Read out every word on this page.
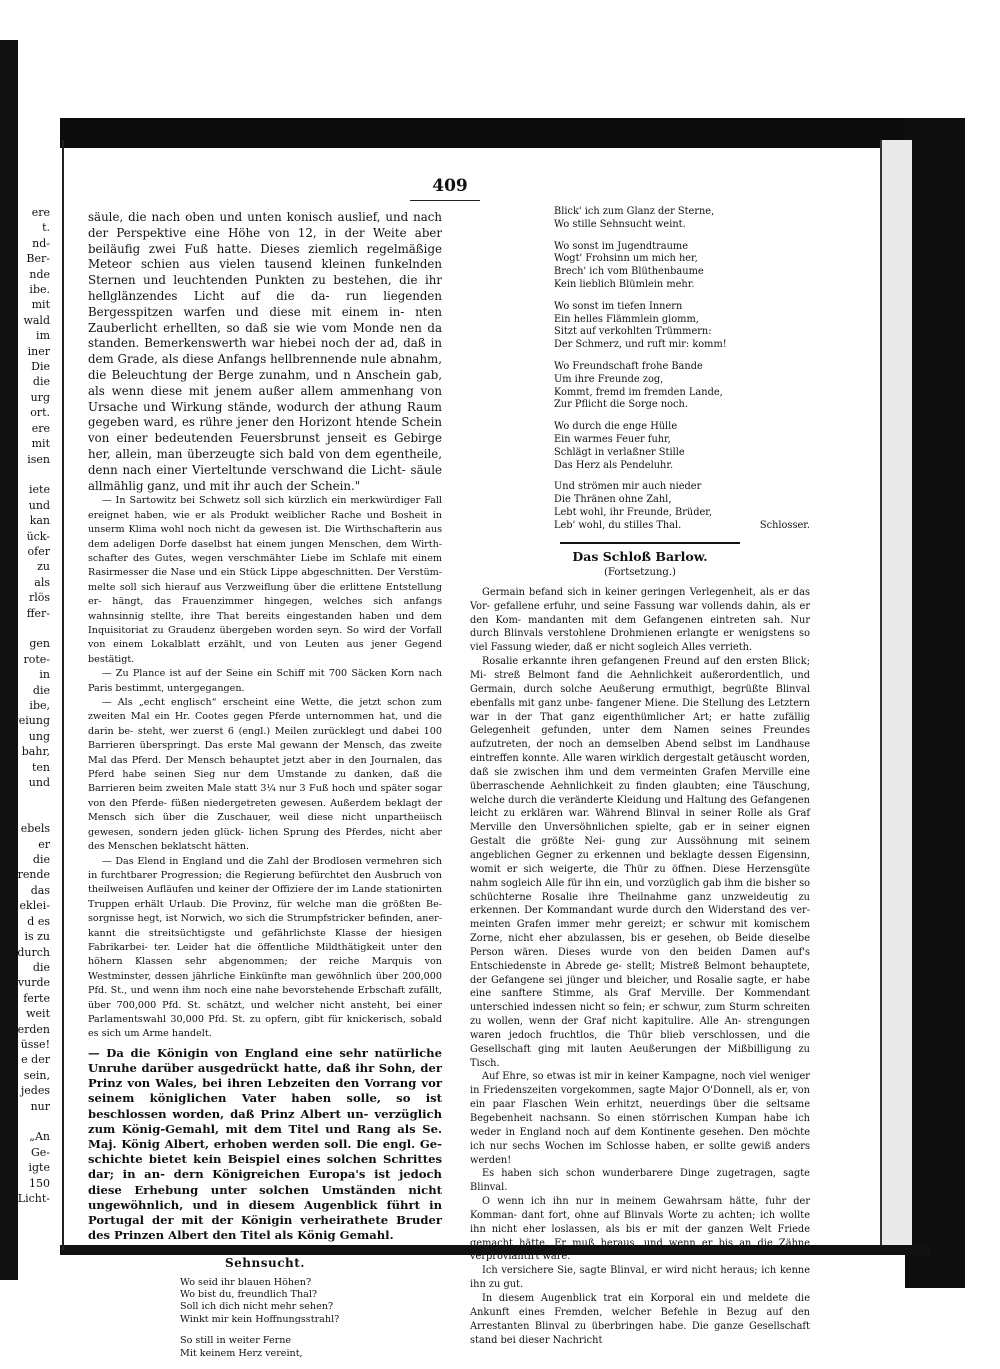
ere
t.
nd-
Ber-
nde
ibe.
mit
wald
im
iner
Die
die
urg
ort.
ere
mit
isen

iete
und
kan
ück-
ofer
zu
als
rlös
ffer-

gen
rote-
in
die
ibe,
zweiung
ung
bahr,
ten
und

ebels
er
die
rende
das
eklei-
d es
is zu
durch
die
vurde
ferte
weit
erden
üsse!
e der
sein,
jedes
nur

„An
Ge-
igte
150
Licht-
409

säule, die nach oben und unten konisch auslief, und nach der Perspektive eine Höhe von 12, in der Weite aber beiläufig zwei Fuß hatte. Dieses ziemlich regelmäßige Meteor schien aus vielen tausend kleinen funkelnden Sternen und leuchtenden Punkten zu bestehen, die ihr hellglänzendes Licht auf die da- run liegenden Bergesspitzen warfen und diese mit einem in- nten Zauberlicht erhellten, so daß sie wie vom Monde nen da standen. Bemerkenswerth war hiebei noch der ad, daß in dem Grade, als diese Anfangs hellbrennende nule abnahm, die Beleuchtung der Berge zunahm, und n Anschein gab, als wenn diese mit jenem außer allem ammenhang von Ursache und Wirkung stände, wodurch der athung Raum gegeben ward, es rühre jener den Horizont htende Schein von einer bedeutenden Feuersbrunst jenseit es Gebirge her, allein, man überzeugte sich bald von dem egentheile, denn nach einer Vierteltunde verschwand die Licht- säule allmählig ganz, und mit ihr auch der Schein."

— In Sartowitz bei Schwetz soll sich kürzlich ein merkwürdiger Fall ereignet haben, wie er als Produkt weiblicher Rache und Bosheit in unserm Klima wohl noch nicht da gewesen ist. Die Wirthschafterin aus dem adeligen Dorfe daselbst hat einem jungen Menschen, dem Wirth- schafter des Gutes, wegen verschmähter Liebe im Schlafe mit einem Rasirmesser die Nase und ein Stück Lippe abgeschnitten. Der Verstüm- melte soll sich hierauf aus Verzweiflung über die erlittene Entstellung er- hängt, das Frauenzimmer hingegen, welches sich anfangs wahnsinnig stellte, ihre That bereits eingestanden haben und dem Inquisitoriat zu Graudenz übergeben worden seyn. So wird der Vorfall von einem Lokalblatt erzählt, und von Leuten aus jener Gegend bestätigt.

— Zu Plance ist auf der Seine ein Schiff mit 700 Säcken Korn nach Paris bestimmt, untergegangen.

— Als „echt englisch“ erscheint eine Wette, die jetzt schon zum zweiten Mal ein Hr. Cootes gegen Pferde unternommen hat, und die darin be- steht, wer zuerst 6 (engl.) Meilen zurücklegt und dabei 100 Barrieren überspringt. Das erste Mal gewann der Mensch, das zweite Mal das Pferd. Der Mensch behauptet jetzt aber in den Journalen, das Pferd habe seinen Sieg nur dem Umstande zu danken, daß die Barrieren beim zweiten Male statt 3¼ nur 3 Fuß hoch und später sogar von den Pferde- füßen niedergetreten gewesen. Außerdem beklagt der Mensch sich über die Zuschauer, weil diese nicht unpartheiisch gewesen, sondern jeden glück- lichen Sprung des Pferdes, nicht aber des Menschen beklatscht hätten.

— Das Elend in England und die Zahl der Brodlosen vermehren sich in furchtbarer Progression; die Regierung befürchtet den Ausbruch von theilweisen Aufläufen und keiner der Offiziere der im Lande stationirten Truppen erhält Urlaub. Die Provinz, für welche man die größten Be- sorgnisse hegt, ist Norwich, wo sich die Strumpfstricker befinden, aner- kannt die streitsüchtigste und gefährlichste Klasse der hiesigen Fabrikarbei- ter. Leider hat die öffentliche Mildthätigkeit unter den höhern Klassen sehr abgenommen; der reiche Marquis von Westminster, dessen jährliche Einkünfte man gewöhnlich über 200,000 Pfd. St., und wenn ihm noch eine nahe bevorstehende Erbschaft zufällt, über 700,000 Pfd. St. schätzt, und welcher nicht ansteht, bei einer Parlamentswahl 30,000 Pfd. St. zu opfern, gibt für knickerisch, sobald es sich um Arme handelt.

— Da die Königin von England eine sehr natürliche Unruhe darüber ausgedrückt hatte, daß ihr Sohn, der Prinz von Wales, bei ihren Lebzeiten den Vorrang vor seinem königlichen Vater haben solle, so ist beschlossen worden, daß Prinz Albert un- verzüglich zum König-Gemahl, mit dem Titel und Rang als Se. Maj. König Albert, erhoben werden soll. Die engl. Ge- schichte bietet kein Beispiel eines solchen Schrittes dar; in an- dern Königreichen Europa's ist jedoch diese Erhebung unter solchen Umständen nicht ungewöhnlich, und in diesem Augenblick führt in Portugal der mit der Königin verheirathete Bruder des Prinzen Albert den Titel als König Gemahl.

Sehnsucht.
Wo seid ihr blauen Höhen?
Wo bist du, freundlich Thal?
Soll ich dich nicht mehr sehen?
Winkt mir kein Hoffnungsstrahl?
So still in weiter Ferne
Mit keinem Herz vereint,
Blick' ich zum Glanz der Sterne,
Wo stille Sehnsucht weint.
Wo sonst im Jugendtraume
Wogt' Frohsinn um mich her,
Brech' ich vom Blüthenbaume
Kein lieblich Blümlein mehr.
Wo sonst im tiefen Innern
Ein helles Flämmlein glomm,
Sitzt auf verkohlten Trümmern:
Der Schmerz, und ruft mir: komm!
Wo Freundschaft frohe Bande
Um ihre Freunde zog,
Kommt, fremd im fremden Lande,
Zur Pflicht die Sorge noch.
Wo durch die enge Hülle
Ein warmes Feuer fuhr,
Schlägt in verlaßner Stille
Das Herz als Pendeluhr.
Und strömen mir auch nieder
Die Thränen ohne Zahl,
Lebt wohl, ihr Freunde, Brüder,
Leb' wohl, du stilles Thal.	Schlosser.
Das Schloß Barlow.
(Fortsetzung.)

Germain befand sich in keiner geringen Verlegenheit, als er das Vor- gefallene erfuhr, und seine Fassung war vollends dahin, als er den Kom- mandanten mit dem Gefangenen eintreten sah. Nur durch Blinvals verstohlene Drohmienen erlangte er wenigstens so viel Fassung wieder, daß er nicht sogleich Alles verrieth.

Rosalie erkannte ihren gefangenen Freund auf den ersten Blick; Mi- streß Belmont fand die Aehnlichkeit außerordentlich, und Germain, durch solche Aeußerung ermuthigt, begrüßte Blinval ebenfalls mit ganz unbe- fangener Miene. Die Stellung des Letztern war in der That ganz eigenthümlicher Art; er hatte zufällig Gelegenheit gefunden, unter dem Namen seines Freundes aufzutreten, der noch an demselben Abend selbst im Landhause eintreffen konnte. Alle waren wirklich dergestalt getäuscht worden, daß sie zwischen ihm und dem vermeinten Grafen Merville eine überraschende Aehnlichkeit zu finden glaubten; eine Täuschung, welche durch die veränderte Kleidung und Haltung des Gefangenen leicht zu erklären war. Während Blinval in seiner Rolle als Graf Merville den Unversöhnlichen spielte, gab er in seiner eignen Gestalt die größte Nei- gung zur Aussöhnung mit seinem angeblichen Gegner zu erkennen und beklagte dessen Eigensinn, womit er sich weigerte, die Thür zu öffnen. Diese Herzensgüte nahm sogleich Alle für ihn ein, und vorzüglich gab ihm die bisher so schüchterne Rosalie ihre Theilnahme ganz unzweideutig zu erkennen. Der Kommandant wurde durch den Widerstand des ver- meinten Grafen immer mehr gereizt; er schwur mit komischem Zorne, nicht eher abzulassen, bis er gesehen, ob Beide dieselbe Person wären. Dieses wurde von den beiden Damen auf's Entschiedenste in Abrede ge- stellt; Mistreß Belmont behauptete, der Gefangene sei jünger und bleicher, und Rosalie sagte, er habe eine sanftere Stimme, als Graf Merville. Der Kommendant unterschied indessen nicht so fein; er schwur, zum Sturm schreiten zu wollen, wenn der Graf nicht kapitulire. Alle An- strengungen waren jedoch fruchtlos, die Thür blieb verschlossen, und die Gesellschaft ging mit lauten Aeußerungen der Mißbilligung zu Tisch.

Auf Ehre, so etwas ist mir in keiner Kampagne, noch viel weniger in Friedenszeiten vorgekommen, sagte Major O'Donnell, als er, von ein paar Flaschen Wein erhitzt, neuerdings über die seltsame Begebenheit nachsann. So einen störrischen Kumpan habe ich weder in England noch auf dem Kontinente gesehen. Den möchte ich nur sechs Wochen im Schlosse haben, er sollte gewiß anders werden!

Es haben sich schon wunderbarere Dinge zugetragen, sagte Blinval.

O wenn ich ihn nur in meinem Gewahrsam hätte, fuhr der Komman- dant fort, ohne auf Blinvals Worte zu achten; ich wollte ihn nicht eher loslassen, als bis er mit der ganzen Welt Friede gemacht hätte. Er muß heraus, und wenn er bis an die Zähne verproviantirt wäre.

Ich versichere Sie, sagte Blinval, er wird nicht heraus; ich kenne ihn zu gut.

In diesem Augenblick trat ein Korporal ein und meldete die Ankunft eines Fremden, welcher Befehle in Bezug auf den Arrestanten Blinval zu überbringen habe. Die ganze Gesellschaft stand bei dieser Nachricht
